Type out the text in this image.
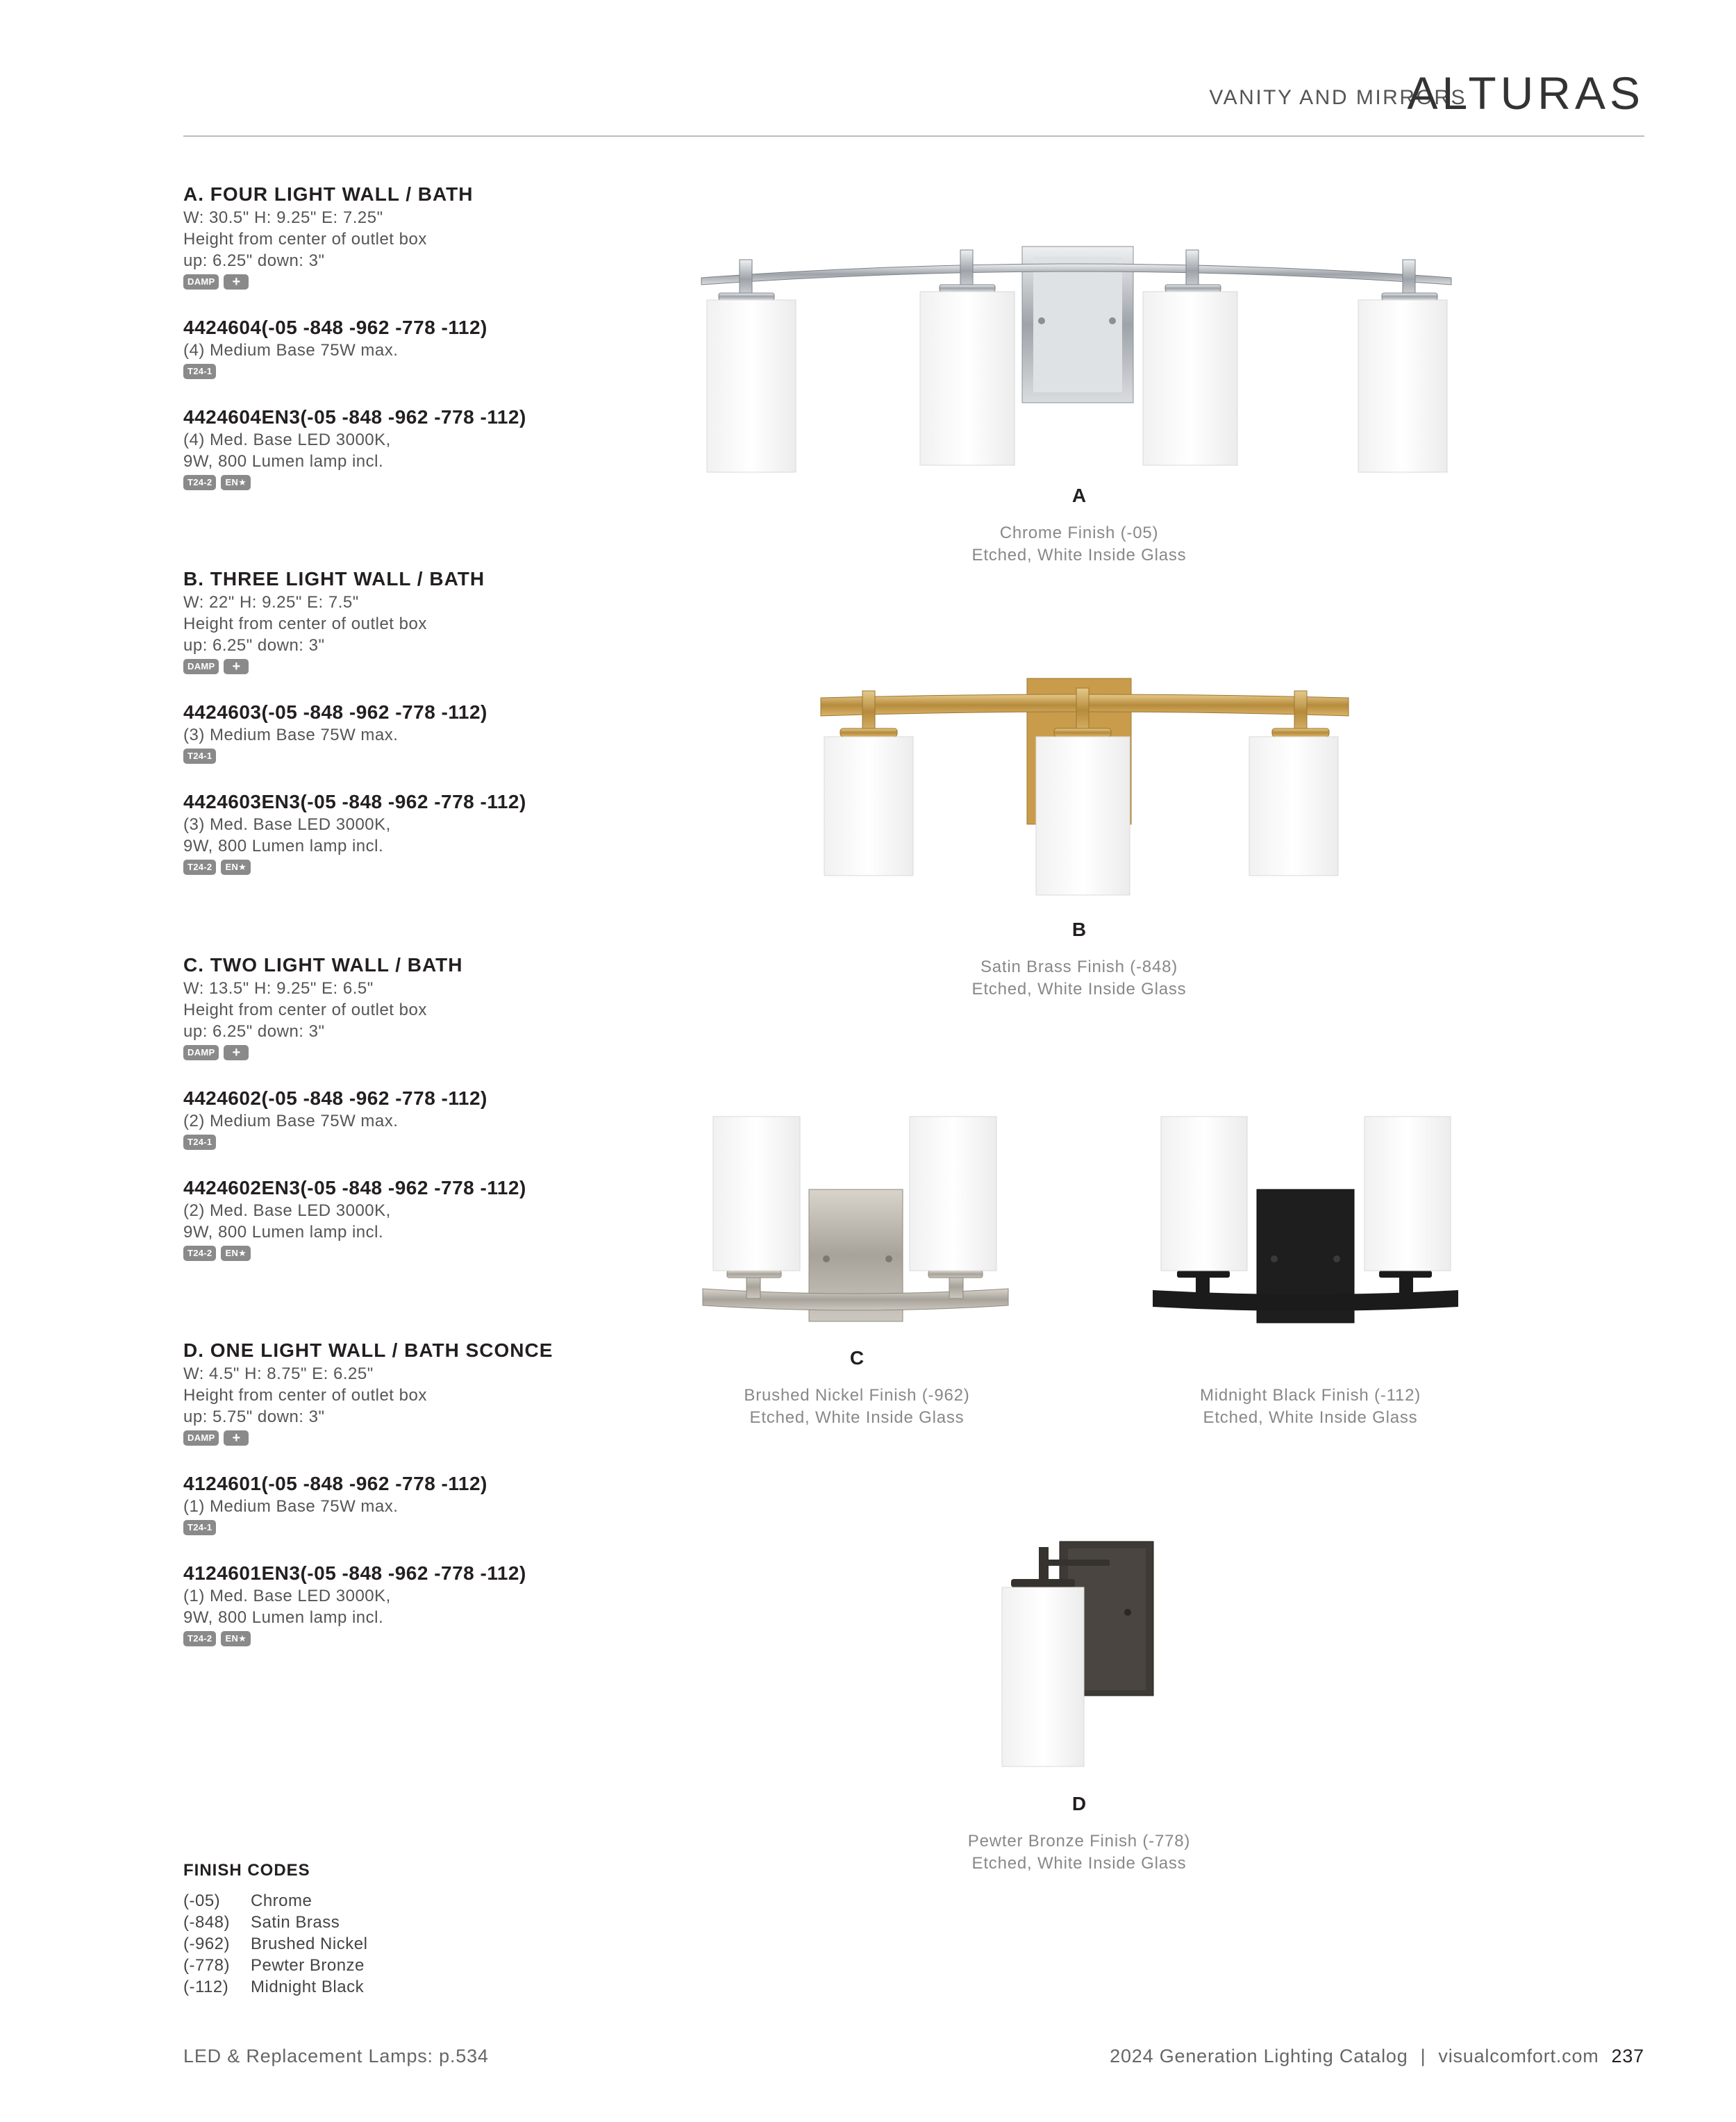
VANITY AND MIRRORS
ALTURAS
A. FOUR LIGHT WALL / BATH
W: 30.5" H: 9.25" E: 7.25"
Height from center of outlet box
up: 6.25" down: 3"
DAMP	+
4424604(-05 -848 -962 -778 -112)
(4) Medium Base 75W max.
T24-1
4424604EN3(-05 -848 -962 -778 -112)
(4) Med. Base LED 3000K,
9W, 800 Lumen lamp incl.
T24-2	EN★
B. THREE LIGHT WALL / BATH
W: 22" H: 9.25" E: 7.5"
Height from center of outlet box
up: 6.25" down: 3"
DAMP	+
4424603(-05 -848 -962 -778 -112)
(3) Medium Base 75W max.
T24-1
4424603EN3(-05 -848 -962 -778 -112)
(3) Med. Base LED 3000K,
9W, 800 Lumen lamp incl.
T24-2	EN★
C. TWO LIGHT WALL / BATH
W: 13.5" H: 9.25" E: 6.5"
Height from center of outlet box
up: 6.25" down: 3"
DAMP	+
4424602(-05 -848 -962 -778 -112)
(2) Medium Base 75W max.
T24-1
4424602EN3(-05 -848 -962 -778 -112)
(2) Med. Base LED 3000K,
9W, 800 Lumen lamp incl.
T24-2	EN★
D. ONE LIGHT WALL / BATH SCONCE
W: 4.5" H: 8.75" E: 6.25"
Height from center of outlet box
up: 5.75" down: 3"
DAMP	+
4124601(-05 -848 -962 -778 -112)
(1) Medium Base 75W max.
T24-1
4124601EN3(-05 -848 -962 -778 -112)
(1) Med. Base LED 3000K,
9W, 800 Lumen lamp incl.
T24-2	EN★
A
Chrome Finish (-05)
Etched, White Inside Glass
B
Satin Brass Finish (-848)
Etched, White Inside Glass
C
Brushed Nickel Finish (-962)
Etched, White Inside Glass
Midnight Black Finish (-112)
Etched, White Inside Glass
D
Pewter Bronze Finish (-778)
Etched, White Inside Glass
FINISH CODES
(-05)	Chrome
(-848)	Satin Brass
(-962)	Brushed Nickel
(-778)	Pewter Bronze
(-112)	Midnight Black
LED & Replacement Lamps: p.534	2024 Generation Lighting Catalog | visualcomfort.com 237
